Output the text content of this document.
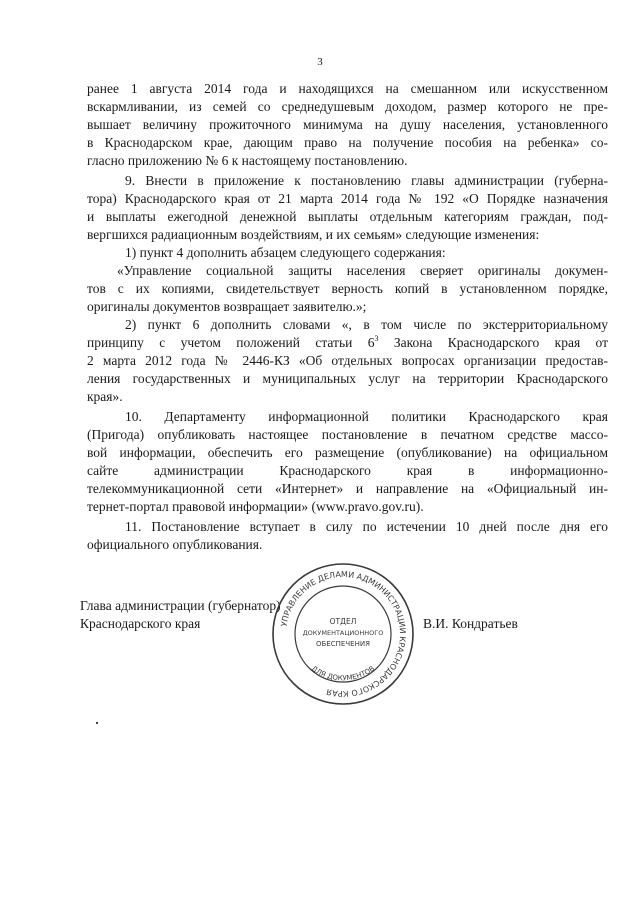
3
ранее 1 августа 2014 года и находящихся на смешанном или искусственном
вскармливании, из семей со среднедушевым доходом, размер которого не пре-
вышает величину прожиточного минимума на душу населения, установленного
в Краснодарском крае, дающим право на получение пособия на ребенка» со-
гласно приложению № 6 к настоящему постановлению.
9. Внести в приложение к постановлению главы администрации (губерна-
тора) Краснодарского края от 21 марта 2014 года № 192 «О Порядке назначения
и выплаты ежегодной денежной выплаты отдельным категориям граждан, под-
вергшихся радиационным воздействиям, и их семьям» следующие изменения:
1) пункт 4 дополнить абзацем следующего содержания:
«Управление социальной защиты населения сверяет оригиналы докумен-
тов с их копиями, свидетельствует верность копий в установленном порядке,
оригиналы документов возвращает заявителю.»;
2) пункт 6 дополнить словами «, в том числе по экстерриториальному
принципу с учетом положений статьи $6^3$ Закона Краснодарского края от
2 марта 2012 года № 2446-КЗ «Об отдельных вопросах организации предостав-
ления государственных и муниципальных услуг на территории Краснодарского
края».
10. Департаменту информационной политики Краснодарского края
(Пригода) опубликовать настоящее постановление в печатном средстве массо-
вой информации, обеспечить его размещение (опубликование) на официальном
сайте администрации Краснодарского края в информационно-
телекоммуникационной сети «Интернет» и направление на «Официальный ин-
тернет-портал правовой информации» (www.pravo.gov.ru).
11. Постановление вступает в силу по истечении 10 дней после дня его
официального опубликования.
Глава администрации (губернатор)
Краснодарского края	В.И. Кондратьев
УПРАВЛЕНИЕ ДЕЛАМИ АДМИНИСТРАЦИИ КРАСНОДАРСКОГО КРАЯ
ОТДЕЛ
ДОКУМЕНТАЦИОННОГО
ОБЕСПЕЧЕНИЯ
ДЛЯ ДОКУМЕНТОВ
